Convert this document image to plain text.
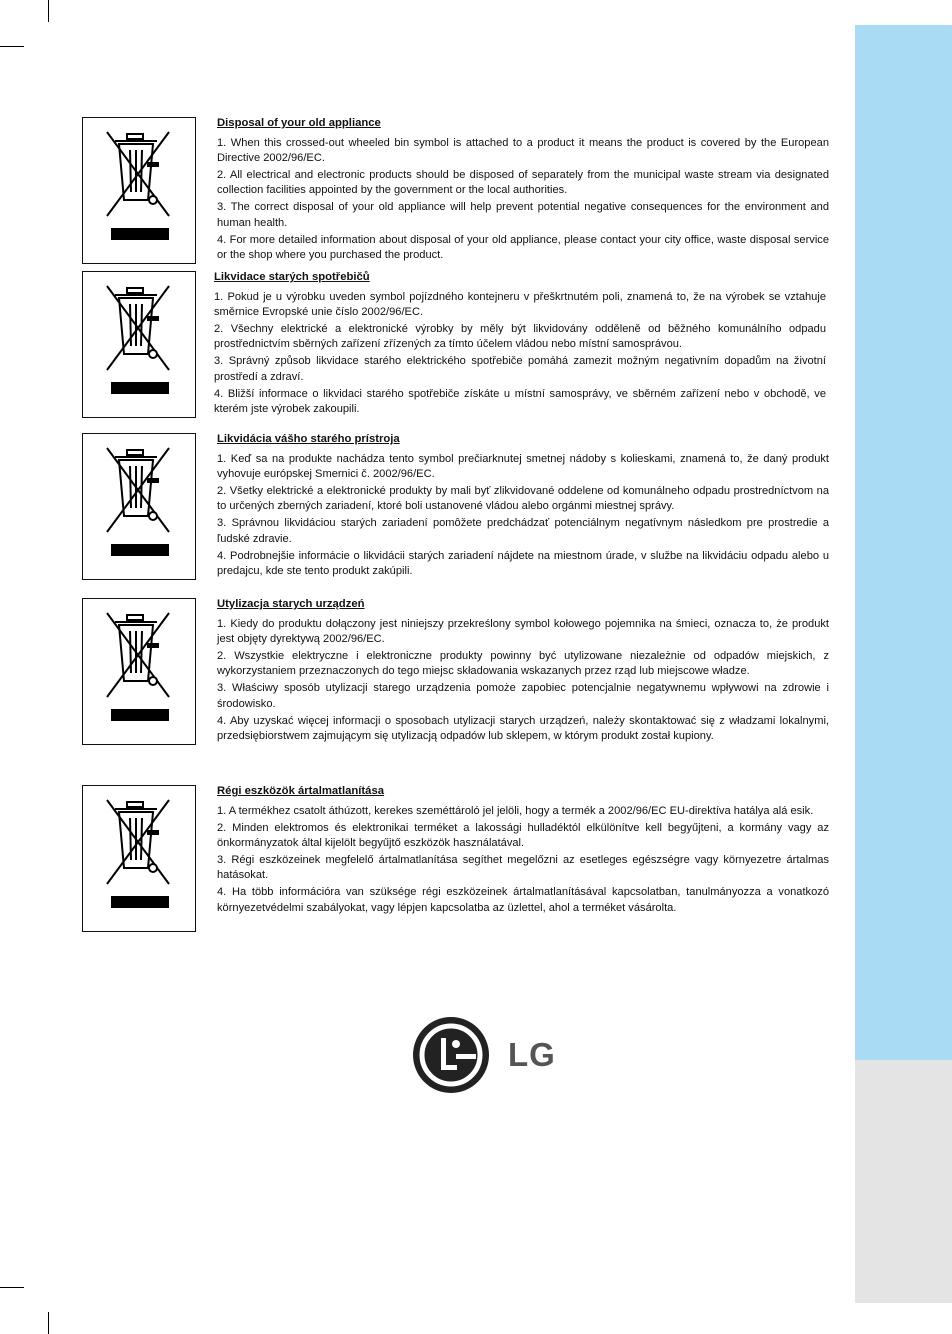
Disposal of your old appliance

1. When this crossed-out wheeled bin symbol is attached to a product it means the product is covered by the European Directive 2002/96/EC.

2. All electrical and electronic products should be disposed of separately from the municipal waste stream via designated collection facilities appointed by the government or the local authorities.

3. The correct disposal of your old appliance will help prevent potential negative consequences for the environment and human health.

4. For more detailed information about disposal of your old appliance, please contact your city office, waste disposal service or the shop where you purchased the product.

Likvidace starých spotřebičů

1. Pokud je u výrobku uveden symbol pojízdného kontejneru v přeškrtnutém poli, znamená to, že na výrobek se vztahuje směrnice Evropské unie číslo 2002/96/EC.

2. Všechny elektrické a elektronické výrobky by měly být likvidovány odděleně od běžného komunálního odpadu prostřednictvím sběrných zařízení zřízených za tímto účelem vládou nebo místní samosprávou.

3. Správný způsob likvidace starého elektrického spotřebiče pomáhá zamezit možným negativním dopadům na životní prostředí a zdraví.

4. Bližší informace o likvidaci starého spotřebiče získáte u místní samosprávy, ve sběrném zařízení nebo v obchodě, ve kterém jste výrobek zakoupili.

Likvidácia vášho starého prístroja

1. Keď sa na produkte nachádza tento symbol prečiarknutej smetnej nádoby s kolieskami, znamená to, že daný produkt vyhovuje európskej Smernici č. 2002/96/EC.

2. Všetky elektrické a elektronické produkty by mali byť zlikvidované oddelene od komunálneho odpadu prostredníctvom na to určených zberných zariadení, ktoré boli ustanovené vládou alebo orgánmi miestnej správy.

3. Správnou likvidáciou starých zariadení pomôžete predchádzať potenciálnym negatívnym následkom pre prostredie a ľudské zdravie.

4. Podrobnejšie informácie o likvidácii starých zariadení nájdete na miestnom úrade, v službe na likvidáciu odpadu alebo u predajcu, kde ste tento produkt zakúpili.

Utylizacja starych urządzeń

1. Kiedy do produktu dołączony jest niniejszy przekreślony symbol kołowego pojemnika na śmieci, oznacza to, że produkt jest objęty dyrektywą 2002/96/EC.

2. Wszystkie elektryczne i elektroniczne produkty powinny być utylizowane niezależnie od odpadów miejskich, z wykorzystaniem przeznaczonych do tego miejsc składowania wskazanych przez rząd lub miejscowe władze.

3. Właściwy sposób utylizacji starego urządzenia pomoże zapobiec potencjalnie negatywnemu wpływowi na zdrowie i środowisko.

4. Aby uzyskać więcej informacji o sposobach utylizacji starych urządzeń, należy skontaktować się z władzami lokalnymi, przedsiębiorstwem zajmującym się utylizacją odpadów lub sklepem, w którym produkt został kupiony.

Régi eszközök ártalmatlanítása

1. A termékhez csatolt áthúzott, kerekes szeméttároló jel jelöli, hogy a termék a 2002/96/EC EU-direktíva hatálya alá esik.

2. Minden elektromos és elektronikai terméket a lakossági hulladéktól elkülönítve kell begyűjteni, a kormány vagy az önkormányzatok által kijelölt begyűjtő eszközök használatával.

3. Régi eszközeinek megfelelő ártalmatlanítása segíthet megelőzni az esetleges egészségre vagy környezetre ártalmas hatásokat.

4. Ha több információra van szüksége régi eszközeinek ártalmatlanításával kapcsolatban, tanulmányozza a vonatkozó környezetvédelmi szabályokat, vagy lépjen kapcsolatba az üzlettel, ahol a terméket vásárolta.

LG
